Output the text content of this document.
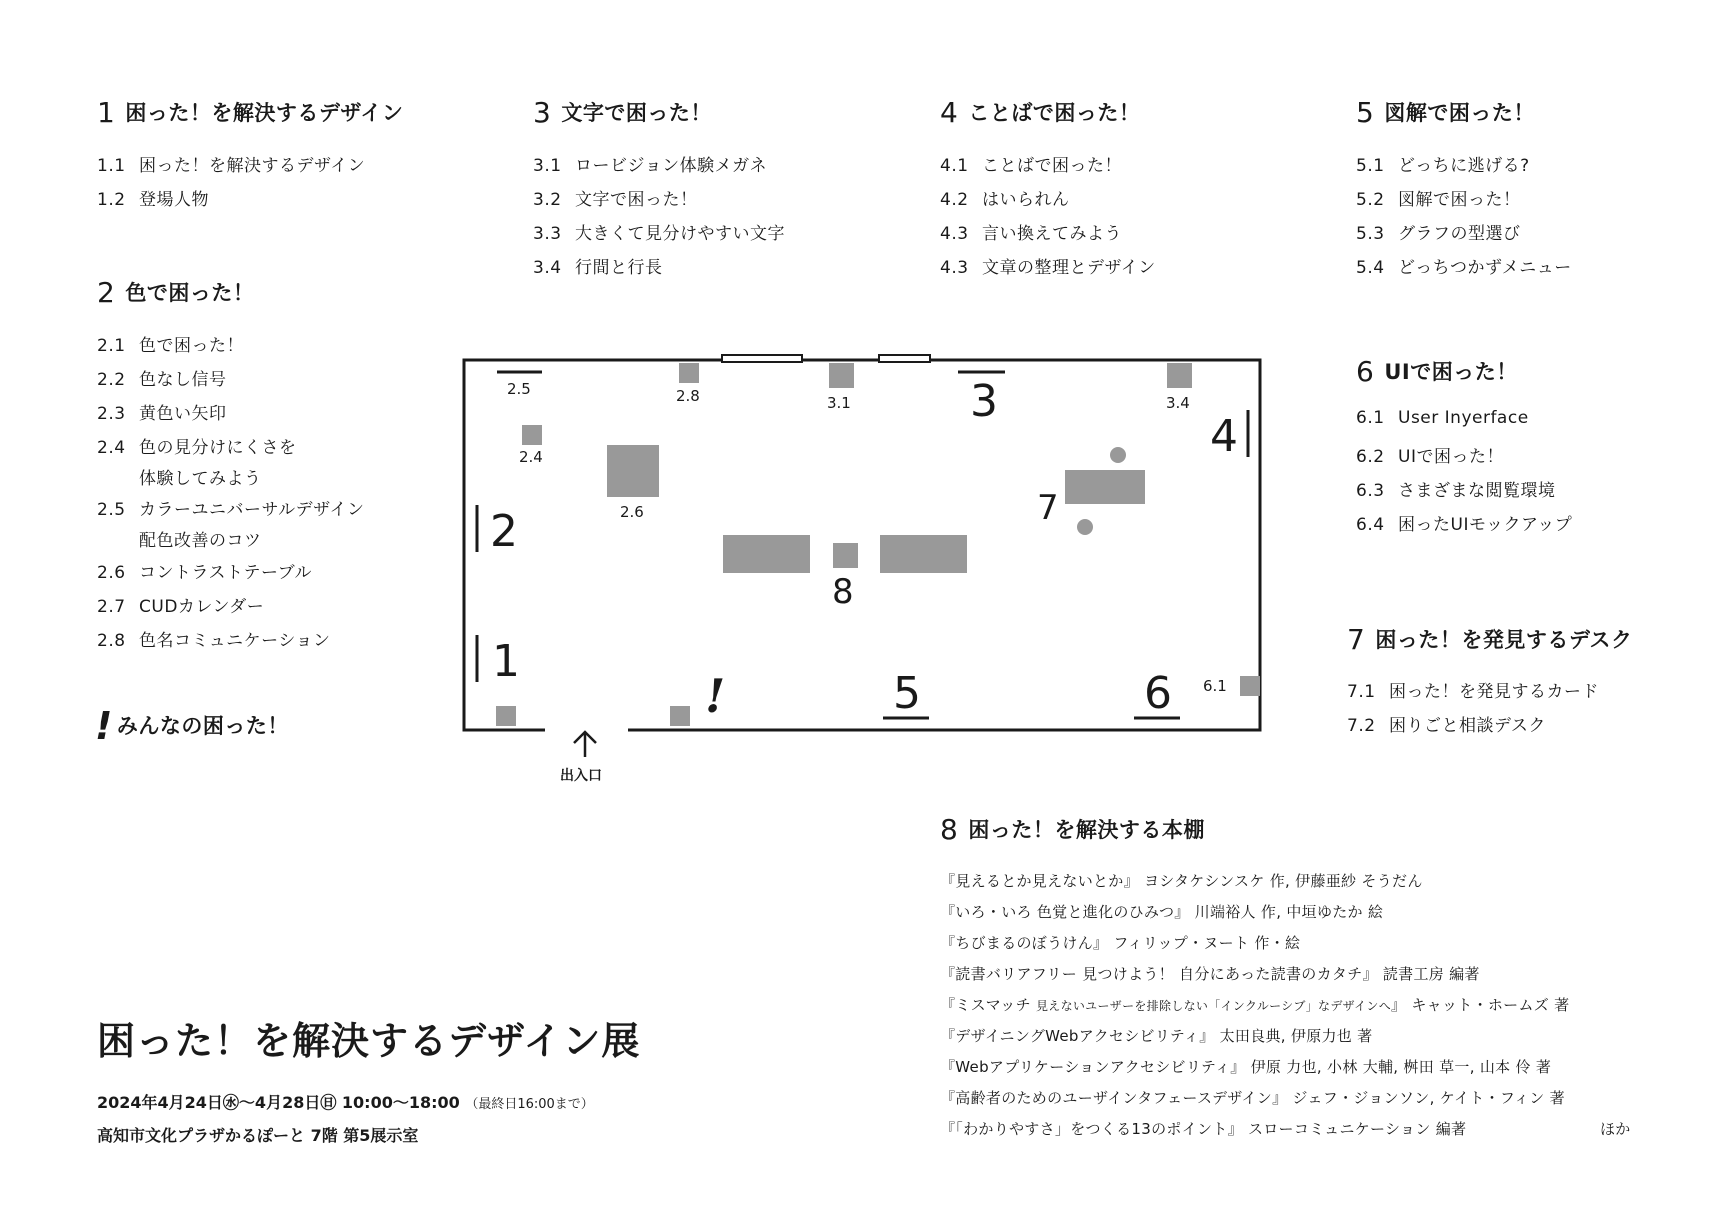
1 困った！を解決するデザイン
1.1 困った！を解決するデザイン
1.2 登場人物
2 色で困った！
2.1 色で困った！
2.2 色なし信号
2.3 黄色い矢印
2.4 色の見分けにくさを
体験してみよう
2.5 カラーユニバーサルデザイン
配色改善のコツ
2.6 コントラストテーブル
2.7 CUDカレンダー
2.8 色名コミュニケーション
! みんなの困った！
3 文字で困った！
3.1 ロービジョン体験メガネ
3.2 文字で困った！
3.3 大きくて見分けやすい文字
3.4 行間と行長
4 ことばで困った！
4.1 ことばで困った！
4.2 はいられん
4.3 言い換えてみよう
4.3 文章の整理とデザイン
5 図解で困った！
5.1 どっちに逃げる?
5.2 図解で困った！
5.3 グラフの型選び
5.4 どっちつかずメニュー
6 UIで困った！
6.1 User Inyerface
6.2 UIで困った！
6.3 さまざまな閲覧環境
6.4 困ったUIモックアップ
7 困った！を発見するデスク
7.1 困った！を発見するカード
7.2 困りごと相談デスク
8 困った！を解決する本棚
『見えるとか見えないとか』 ヨシタケシンスケ 作, 伊藤亜紗 そうだん
『いろ・いろ 色覚と進化のひみつ』 川端裕人 作, 中垣ゆたか 絵
『ちびまるのぼうけん』 フィリップ・ヌート 作・絵
『読書バリアフリー 見つけよう！ 自分にあった読書のカタチ』 読書工房 編著
『ミスマッチ 見えないユーザーを排除しない「インクルーシブ」なデザインへ』 キャット・ホームズ 著
『デザイニングWebアクセシビリティ』 太田良典, 伊原力也 著
『Webアプリケーションアクセシビリティ』 伊原 力也, 小林 大輔, 桝田 草一, 山本 伶 著
『高齢者のためのユーザインタフェースデザイン』 ジェフ・ジョンソン, ケイト・フィン 著
『「わかりやすさ」をつくる13のポイント』 スローコミュニケーション 編著	ほか
1
2
3
4
5	6
7
8
!
2.4
2.5
2.6
2.8	3.1	3.4
6.1
出入口
困った！を解決するデザイン展
2024年4月24日㊌〜4月28日㊐ 10:00〜18:00 （最終日16:00まで）
高知市文化プラザかるぽーと 7階 第5展示室
